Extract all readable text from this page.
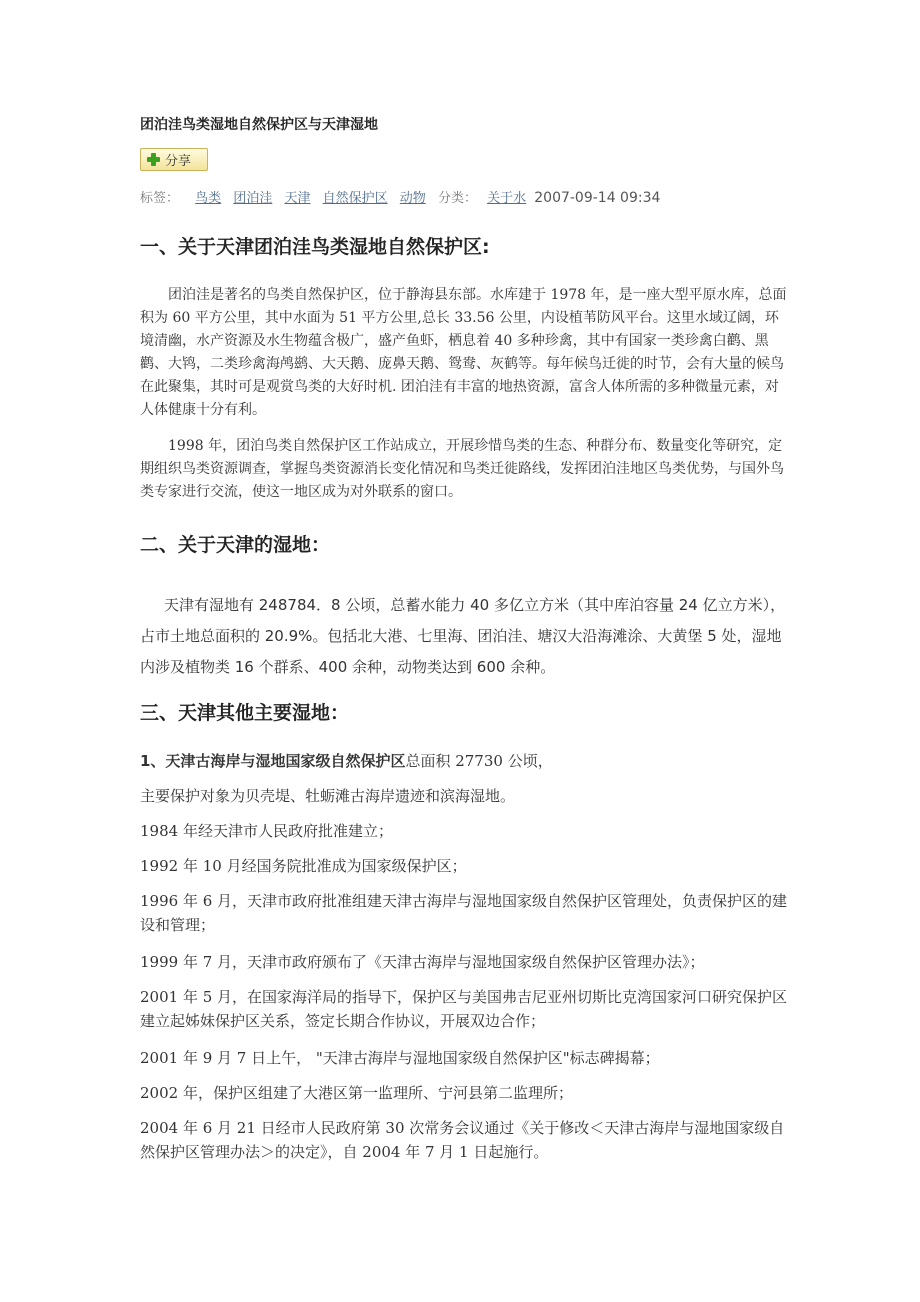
团泊洼鸟类湿地自然保护区与天津湿地
分享
标签： 鸟类 团泊洼 天津 自然保护区 动物 分类： 关于水 2007-09-14 09:34
一、关于天津团泊洼鸟类湿地自然保护区:

团泊洼是著名的鸟类自然保护区，位于静海县东部。水库建于 1978 年，是一座大型平原水库，总面积为 60 平方公里，其中水面为 51 平方公里,总长 33.56 公里，内设植苇防风平台。这里水域辽阔，环境清幽，水产资源及水生物蕴含极广，盛产鱼虾，栖息着 40 多种珍禽，其中有国家一类珍禽白鹳、黑鹳、大鸨，二类珍禽海鸬鹚、大天鹅、庞鼻天鹅、鸳鸯、灰鹤等。每年候鸟迁徙的时节，会有大量的候鸟在此聚集，其时可是观赏鸟类的大好时机. 团泊洼有丰富的地热资源，富含人体所需的多种微量元素，对人体健康十分有利。

1998 年，团泊鸟类自然保护区工作站成立，开展珍惜鸟类的生态、种群分布、数量变化等研究，定期组织鸟类资源调查，掌握鸟类资源消长变化情况和鸟类迁徙路线，发挥团泊洼地区鸟类优势，与国外鸟类专家进行交流，使这一地区成为对外联系的窗口。

二、关于天津的湿地：

天津有湿地有 248784．8 公顷，总蓄水能力 40 多亿立方米（其中库泊容量 24 亿立方米），占市土地总面积的 20.9%。包括北大港、七里海、团泊洼、塘汉大沿海滩涂、大黄堡 5 处，湿地内涉及植物类 16 个群系、400 余种，动物类达到 600 余种。

三、天津其他主要湿地：

1、天津古海岸与湿地国家级自然保护区总面积 27730 公顷，

主要保护对象为贝壳堤、牡蛎滩古海岸遗迹和滨海湿地。

1984 年经天津市人民政府批准建立；

1992 年 10 月经国务院批准成为国家级保护区；

1996 年 6 月，天津市政府批准组建天津古海岸与湿地国家级自然保护区管理处，负责保护区的建设和管理；

1999 年 7 月，天津市政府颁布了《天津古海岸与湿地国家级自然保护区管理办法》；

2001 年 5 月，在国家海洋局的指导下，保护区与美国弗吉尼亚州切斯比克湾国家河口研究保护区建立起姊妹保护区关系，签定长期合作协议，开展双边合作；

2001 年 9 月 7 日上午， "天津古海岸与湿地国家级自然保护区"标志碑揭幕；

2002 年，保护区组建了大港区第一监理所、宁河县第二监理所；

2004 年 6 月 21 日经市人民政府第 30 次常务会议通过《关于修改＜天津古海岸与湿地国家级自然保护区管理办法＞的决定》，自 2004 年 7 月 1 日起施行。
